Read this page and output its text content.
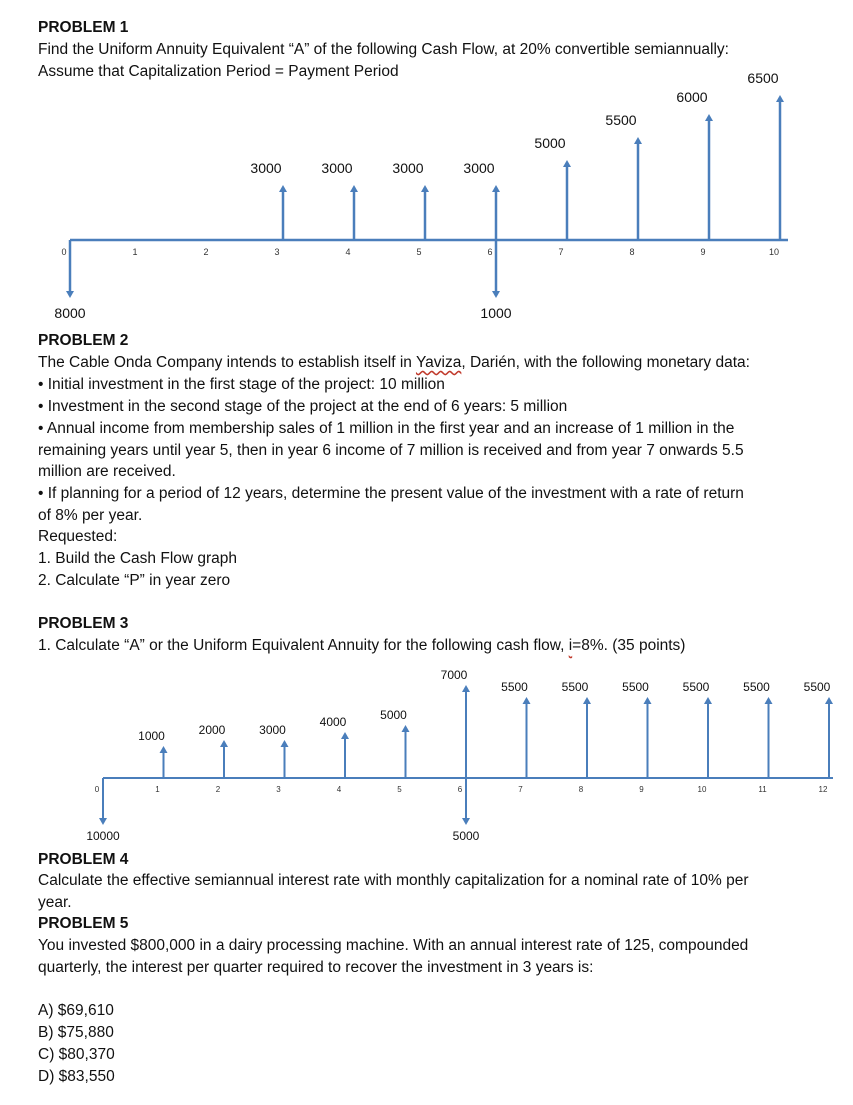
PROBLEM 1
Find the Uniform Annuity Equivalent “A” of the following Cash Flow, at 20% convertible semiannually:
Assume that Capitalization Period = Payment Period
0	1	2	3	4	5	6	7	8	9	10
3000	3000	3000	3000
5000
5500
6000
6500
8000	1000
PROBLEM 2
The Cable Onda Company intends to establish itself in Yaviza, Darién, with the following monetary data:
• Initial investment in the first stage of the project: 10 million
• Investment in the second stage of the project at the end of 6 years: 5 million
• Annual income from membership sales of 1 million in the first year and an increase of 1 million in the
remaining years until year 5, then in year 6 income of 7 million is received and from year 7 onwards 5.5
million are received.
• If planning for a period of 12 years, determine the present value of the investment with a rate of return
of 8% per year.
Requested:
1. Build the Cash Flow graph
2. Calculate “P” in year zero
PROBLEM 3
1. Calculate “A” or the Uniform Equivalent Annuity for the following cash flow, i=8%. (35 points)
0	1	2	3	4	5	6	7	8	9	10	11	12
1000	2000	3000
4000	5000
7000
5500	5500	5500	5500	5500	5500
10000	5000
PROBLEM 4
Calculate the effective semiannual interest rate with monthly capitalization for a nominal rate of 10% per
year.
PROBLEM 5
You invested $800,000 in a dairy processing machine. With an annual interest rate of 125, compounded
quarterly, the interest per quarter required to recover the investment in 3 years is:
A) $69,610
B) $75,880
C) $80,370
D) $83,550
